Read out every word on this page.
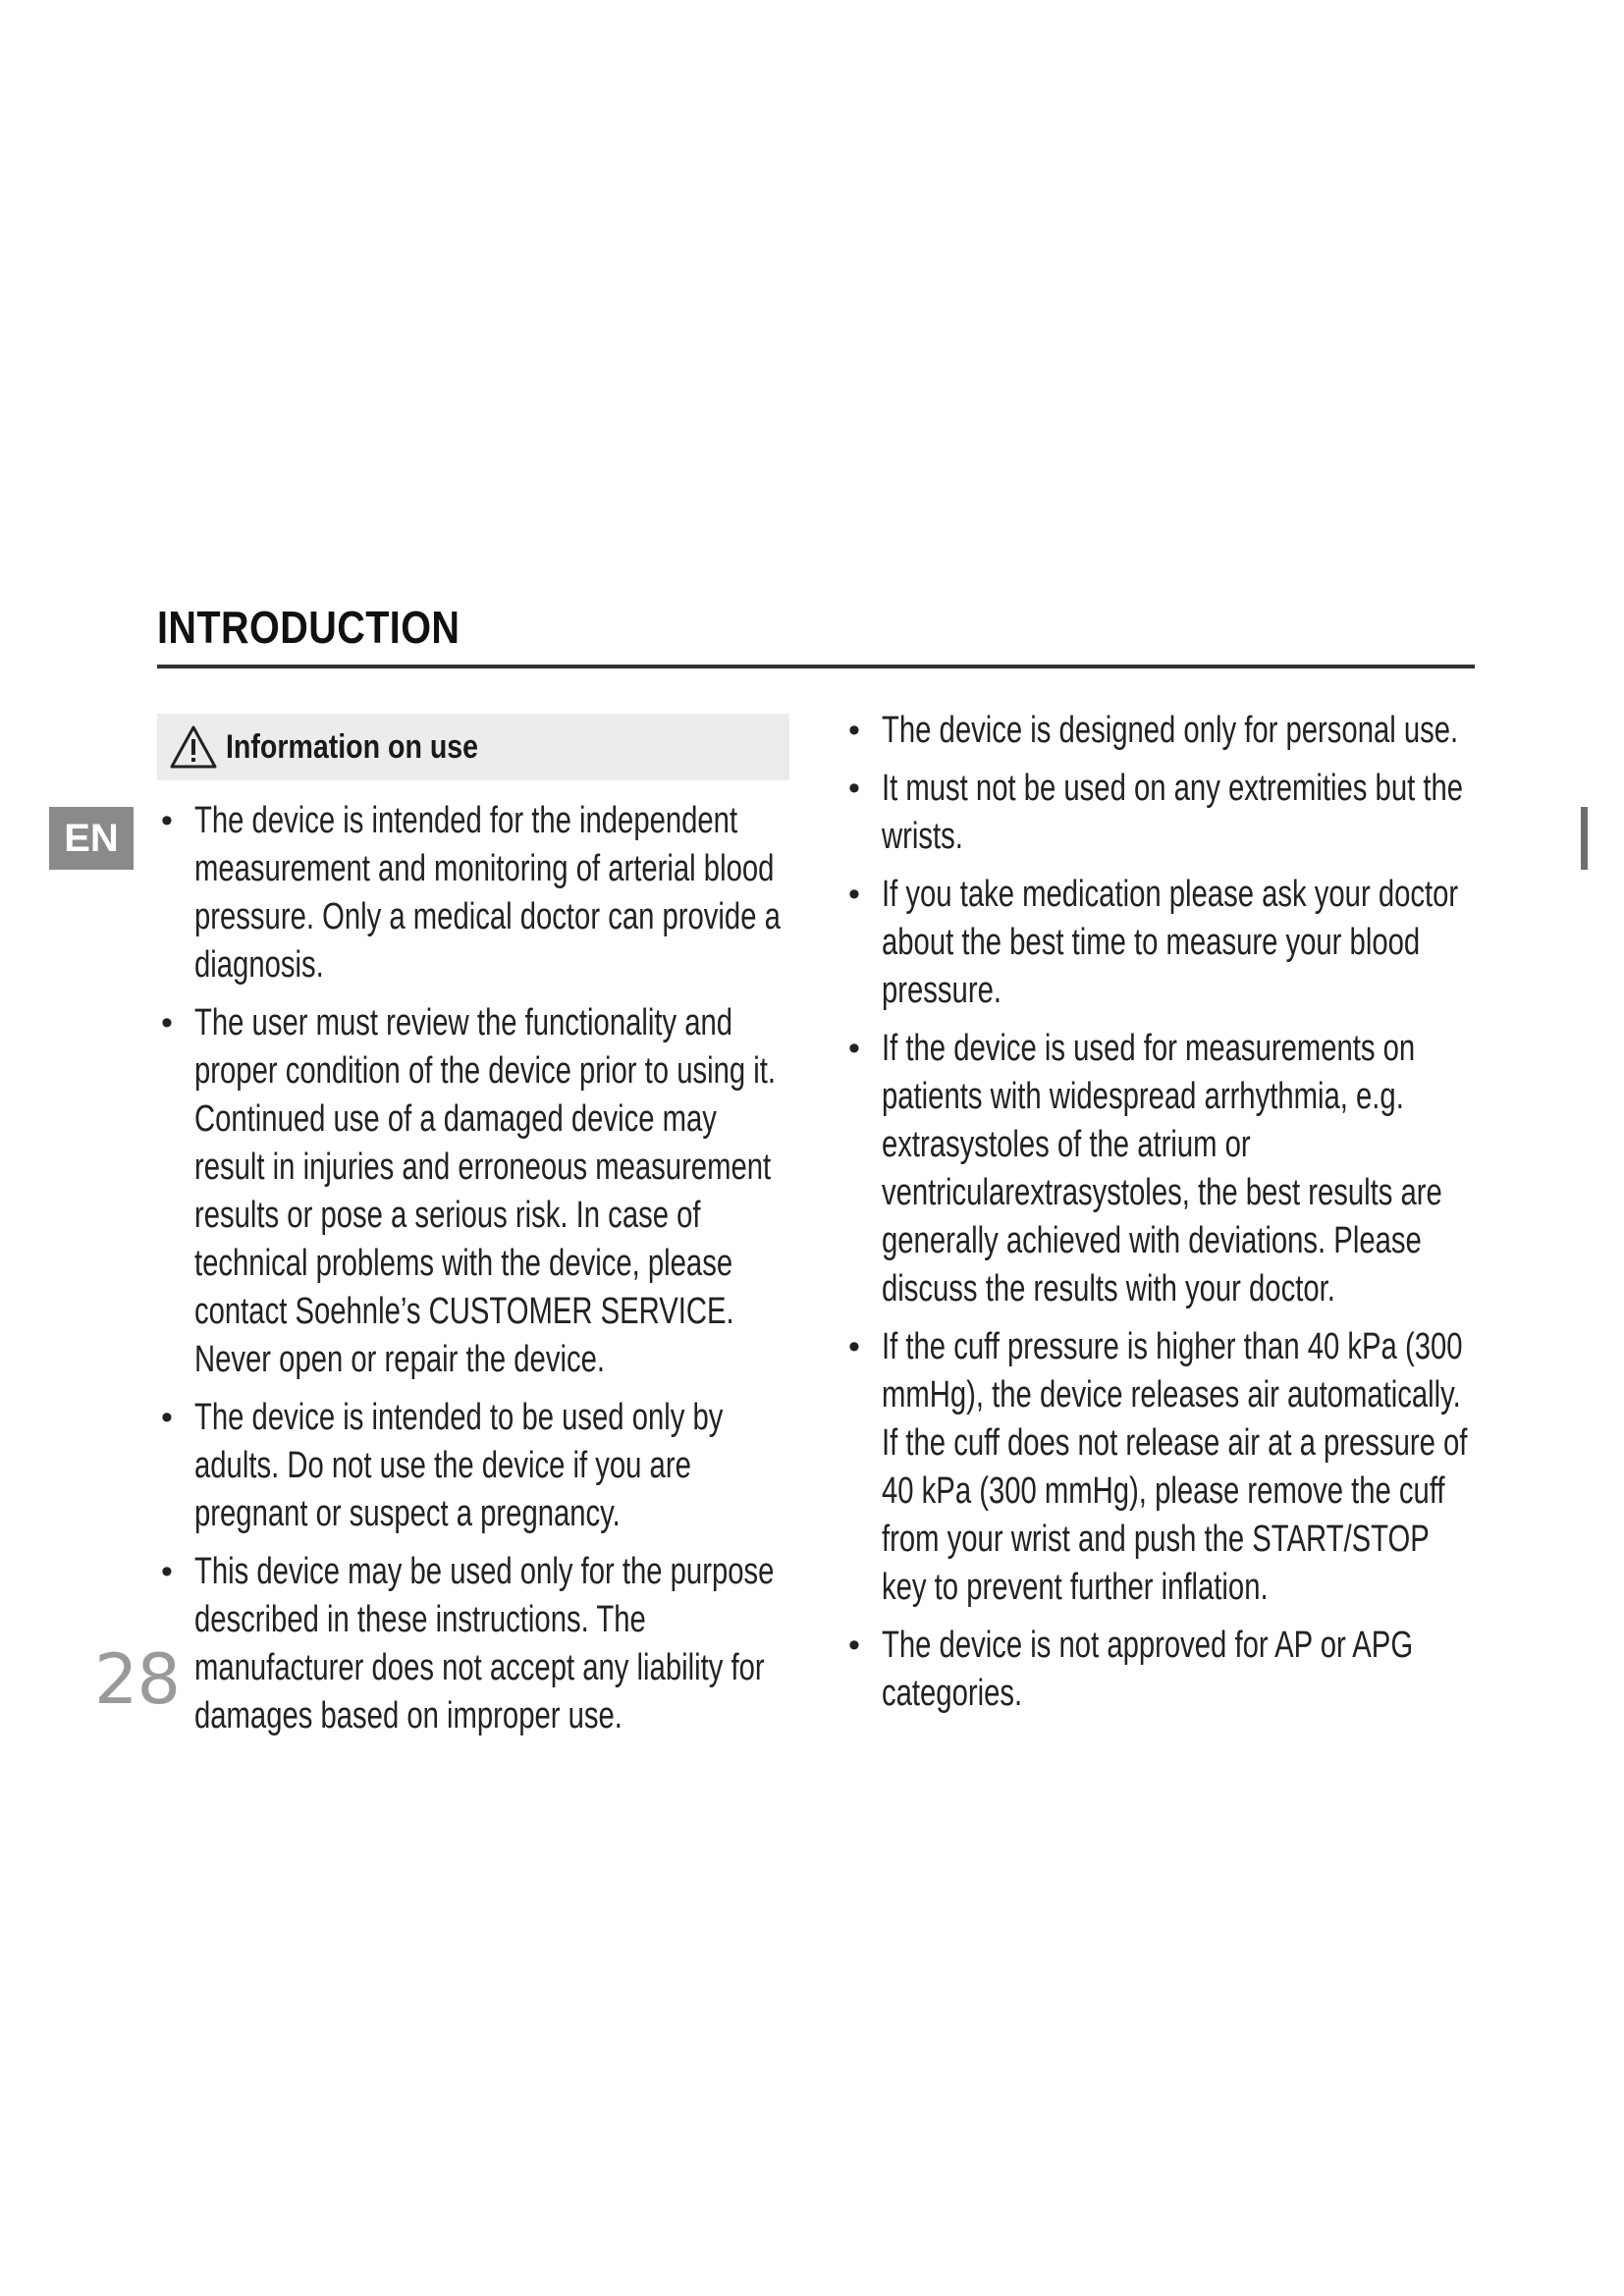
INTRODUCTION
EN
Information on use
• The device is intended for the independent measurement and monitoring of arterial blood pressure. Only a medical doctor can provide a diagnosis.
• The user must review the functionality and proper condition of the device prior to using it. Continued use of a damaged device may result in injuries and erroneous measurement results or pose a serious risk. In case of technical problems with the device, please contact Soehnle’s CUSTOMER SERVICE. Never open or repair the device.
• The device is intended to be used only by adults. Do not use the device if you are pregnant or suspect a pregnancy.
• This device may be used only for the purpose described in these instructions. The manufacturer does not accept any liability for damages based on improper use.
• The device is designed only for personal use.
• It must not be used on any extremities but the wrists.
• If you take medication please ask your doctor about the best time to measure your blood pressure.
• If the device is used for measurements on patients with widespread arrhythmia, e.g. extrasystoles of the atrium or ventricularextrasystoles, the best results are generally achieved with deviations. Please discuss the results with your doctor.
• If the cuff pressure is higher than 40 kPa (300 mmHg), the device releases air automatically. If the cuff does not release air at a pressure of 40 kPa (300 mmHg), please remove the cuff from your wrist and push the START/STOP key to prevent further inflation.
• The device is not approved for AP or APG categories.
28
